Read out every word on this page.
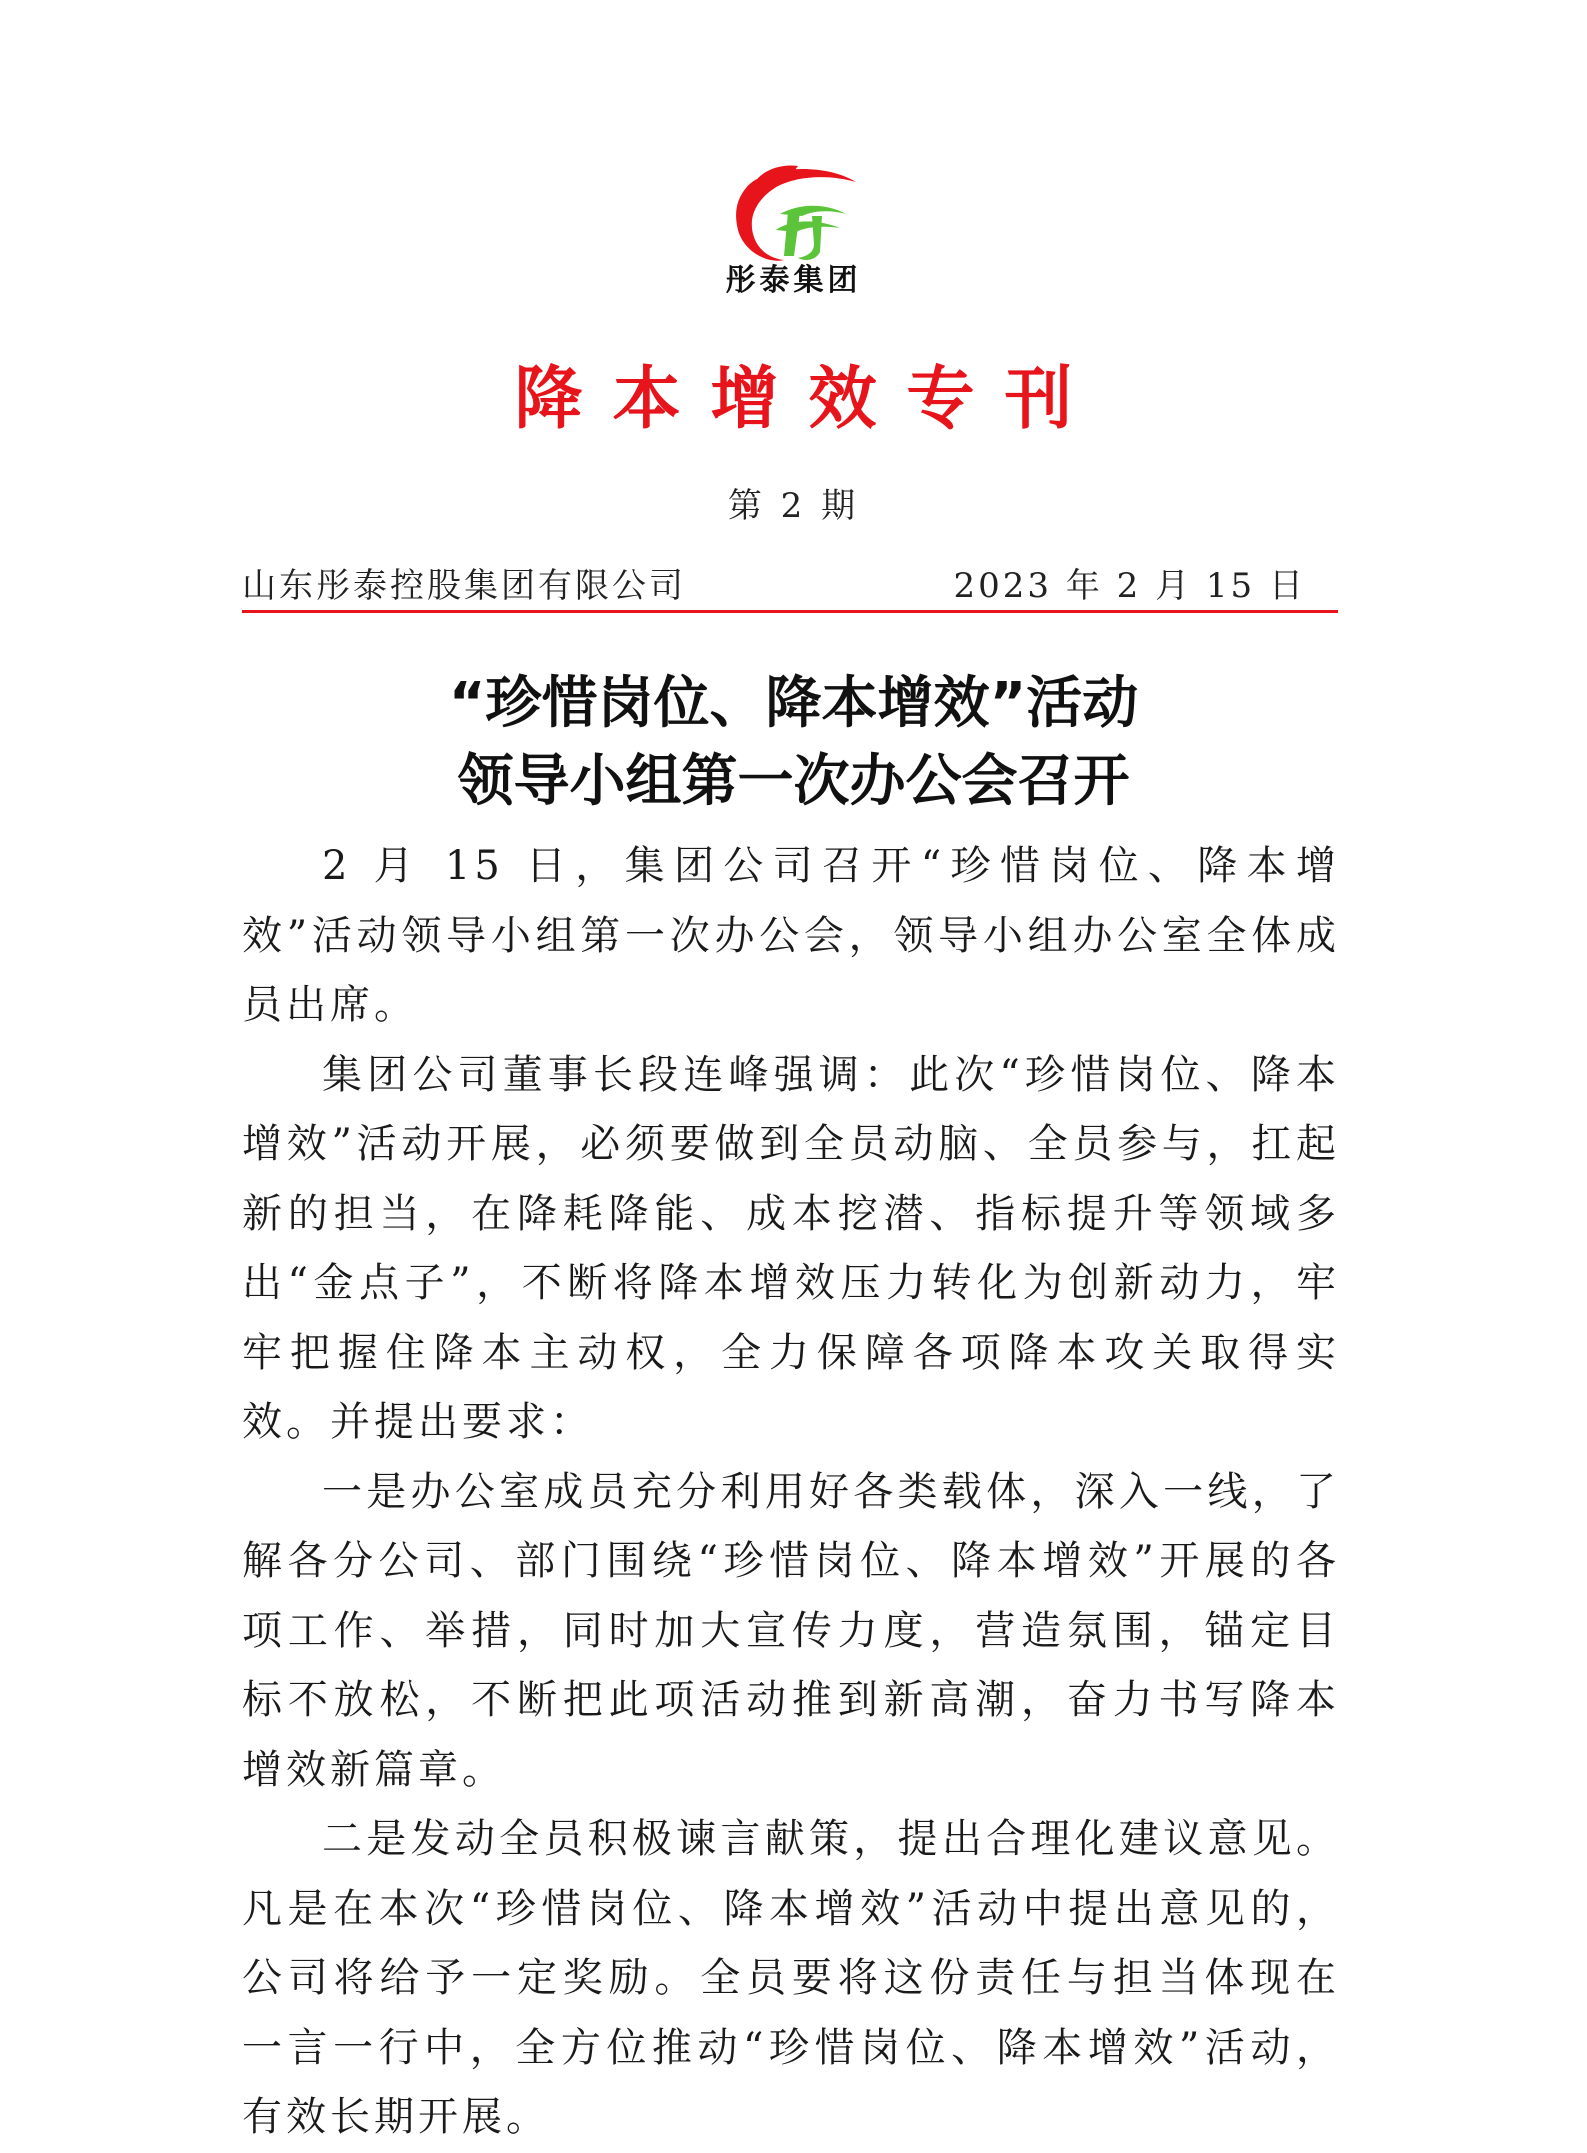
彤泰集团
降本增效专刊
第 2 期
山东彤泰控股集团有限公司	2023 年 2 月 15 日
“珍惜岗位、降本增效”活动
领导小组第一次办公会召开

2 月 15 日，集团公司召开“珍惜岗位、降本增效”活动领导小组第一次办公会，领导小组办公室全体成员出席。

集团公司董事长段连峰强调：此次“珍惜岗位、降本增效”活动开展，必须要做到全员动脑、全员参与，扛起新的担当，在降耗降能、成本挖潜、指标提升等领域多出“金点子”，不断将降本增效压力转化为创新动力，牢牢把握住降本主动权，全力保障各项降本攻关取得实效。并提出要求：

一是办公室成员充分利用好各类载体，深入一线，了解各分公司、部门围绕“珍惜岗位、降本增效”开展的各项工作、举措，同时加大宣传力度，营造氛围，锚定目标不放松，不断把此项活动推到新高潮，奋力书写降本增效新篇章。

二是发动全员积极谏言献策，提出合理化建议意见。凡是在本次“珍惜岗位、降本增效”活动中提出意见的，公司将给予一定奖励。全员要将这份责任与担当体现在一言一行中，全方位推动“珍惜岗位、降本增效”活动，有效长期开展。
